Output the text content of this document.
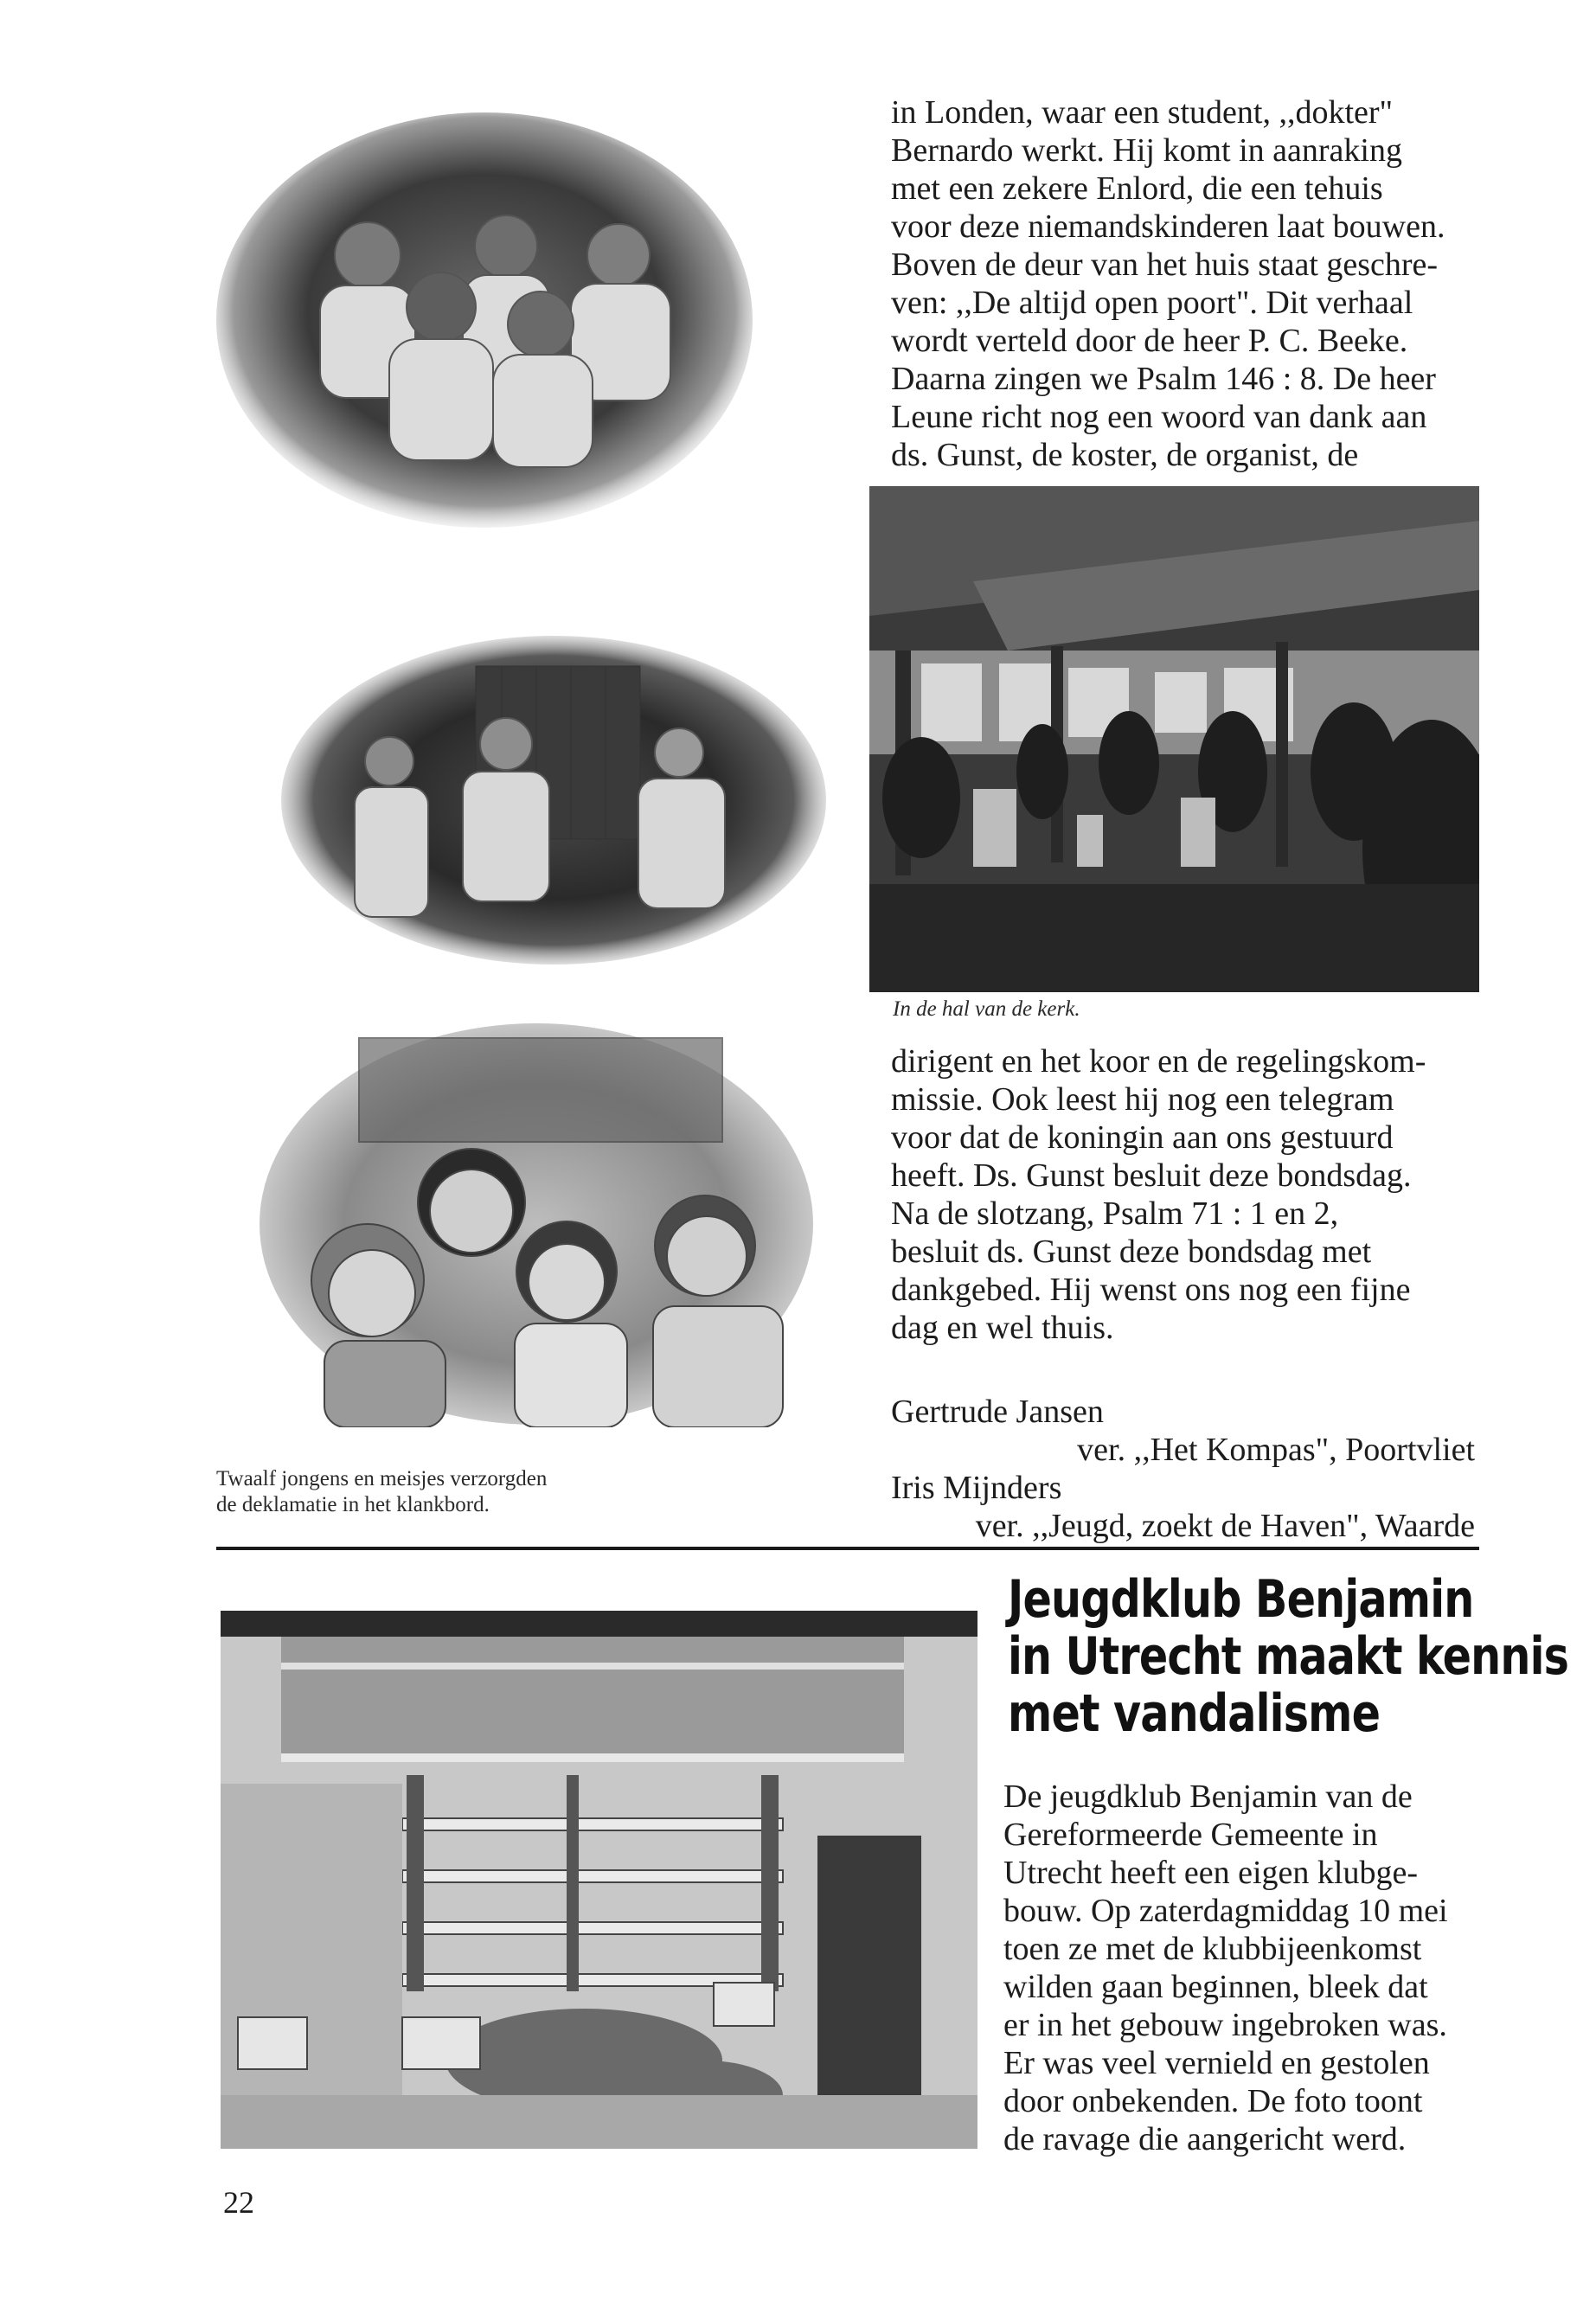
Twaalf jongens en meisjes verzorgden
de deklamatie in het klankbord.
in Londen, waar een student, ,,dokter"
Bernardo werkt. Hij komt in aanraking
met een zekere Enlord, die een tehuis
voor deze niemandskinderen laat bouwen.
Boven de deur van het huis staat geschre-
ven: ,,De altijd open poort". Dit verhaal
wordt verteld door de heer P. C. Beeke.
Daarna zingen we Psalm 146 : 8. De heer
Leune richt nog een woord van dank aan
ds. Gunst, de koster, de organist, de
In de hal van de kerk.
dirigent en het koor en de regelingskom-
missie. Ook leest hij nog een telegram
voor dat de koningin aan ons gestuurd
heeft. Ds. Gunst besluit deze bondsdag.
Na de slotzang, Psalm 71 : 1 en 2,
besluit ds. Gunst deze bondsdag met
dankgebed. Hij wenst ons nog een fijne
dag en wel thuis.
Gertrude Jansen
ver. ,,Het Kompas", Poortvliet
Iris Mijnders
ver. ,,Jeugd, zoekt de Haven", Waarde
Jeugdklub Benjamin
in Utrecht maakt kennis
met vandalisme
De jeugdklub Benjamin van de
Gereformeerde Gemeente in
Utrecht heeft een eigen klubge-
bouw. Op zaterdagmiddag 10 mei
toen ze met de klubbijeenkomst
wilden gaan beginnen, bleek dat
er in het gebouw ingebroken was.
Er was veel vernield en gestolen
door onbekenden. De foto toont
de ravage die aangericht werd.
22
